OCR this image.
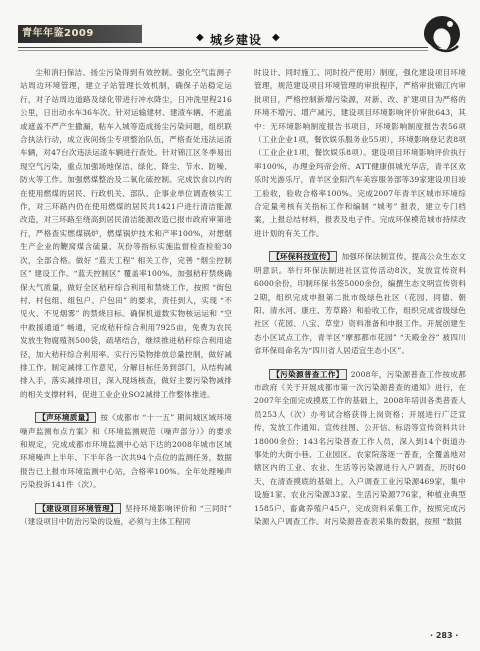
青年年鉴2009	◆ 城乡建设 ◆

尘和消扫保洁、扬尘污染得到有效控制。强化空气监测子站周边环境管理，建立子站管理长效机制，确保子站稳定运行，对子站周边道路及绿化带进行冲水降尘，日冲洗里程216公里，日出动水车36车次。针对运输建材、建渣车辆、不遮盖或遮盖不严产生撒漏，粘车入城等造成扬尘污染问题，组织联合执法行动，成立夜间扬尘专项整治队伍，严格查处违法运渣车辆，对47台次违法运渣车辆进行查处。针对锦江区冬季易出现空气污染，重点加强场地保洁、绿化、降尘、节水、防噪、防火等工作。加强燃煤整治及二氧化硫控制。完成饮食以内的在使用燃煤的居民、行政机关、部队、企事业单位调查核实工作，对三环路内仍在使用燃煤的居民共1421户进行清洁能源改造，对三环路至绕高到居民清洁能源改造已报市政府审第进行，严格查实燃煤锅炉，燃煤锅炉技术和产率100%，对想烟生产企业的鞭窝煤含硫量、灰份等指标实施监督检查检验30次，全部合格。做好 “蓝天工程” 相关工作，完善 “烟尘控制区” 建设工作。“蓝天控制区” 覆盖率100%。加强秸秆禁烧确保大气质量，做好全区秸秆综合利用和禁烧工作，按照 “街包村、村包组、组包户、户包田” 的要求，责任到人，实现 “不见火、不见烟雾” 的禁烧目标。确保机道数实物核运运和 “空中救援通道” 畅通，完成秸秆综合利用7925亩，免费为农民发放生物腐殖剂500袋，疏堵结合，继续推进秸秆综合利用途径，加大秸秆综合利用率。实行污染物排放总量控制，做好减排工作。制定减排工作意见，分解目标任务到部门，从结构减排入手，落实减排项目，深入现场核查，做好主要污染物减排的相关支撑材料，促进工业企业SO2减排工作整体推进。

【声环境质量】 按《成都市 “十一五” 期间城区域环境噪声监测布点方案》和《环境监测规范（噪声部分）》的要求和规定，完成成都市环境监测中心站下达的2008年城市区域环境噪声上半年、下半年各一次共94个点位的监测任务，数据报告已上报市环境监测中心站，合格率100%。全年处理噪声污染投诉141件（次）。

【建设项目环境管理】 坚持环境影响评价和 “三同时” （建设项目中防治污染的设施，必须与主体工程同

时设计、同时施工、同时投产使用）制度，强化建设项目环境管理，规范建设项目环境管理的审批程序，严格审批锦江内审批项目，严格控制新增污染源，对新、改、扩建项目为严格的环境不增污、增产减污，建设项目环境影响评价审批643，其中：无环境影响制度报告书项目，环境影响制度报告表56项（工业企业1项，餐饮娱乐服务业55项），环境影响登记表8项（工业企业1项，餐饮娱乐8项）。建设项目环境影响评价执行率100%，办理金玛帝会所、ATT健康俱城光华店，青羊区欢乐时光游乐厅，青羊区金阳汽车美容服务部等39家建设项目竣工验收，验收合格率100%。完成2007年青羊区城市环境综合定量考核有关指标工作和编制 “城考” 报表，建立专门档案，上报总结材料，报表及电子件。完成环保模范城市持续改进计划的有关工作。

【环保科技宣传】 加强环保法制宣传，提高公众生态文明意识。举行环保法制进社区宣传活动8次，发放宣传资料6000余份，印制环保书签5000余份，编撰生态文明宣传资料2期，组织完成申报第二批市级绿色社区（花园、同德、朝阳、清水河、康庄、芳草路）和验收工作，组织完成省级绿色社区（花园、八宝、草堂）资料准备和申报工作。开展创建生态小区试点工作，青羊区“摩那都市花园” “天殿金谷” 被四川省环保局命名为“四川省人居适宜生态小区”。

【污染源普查工作】 2008年，污染源普查工作按成都市政府《关于开展成都市第一次污染源普查的通知》进行，在2007年全面完成摸底工作的基础上，2008年培训各类普查人员253人（次）办考试合格获得上岗资格；开展进行广泛宣传，发放工作通知、宣传挂图、公开信、标语等宣传资料共计18000余份；143名污染普查工作人员，深入到14个街道办事处的大街小巷、工业园区、农家院落逐一普查，全覆盖地对辖区内的工业、农业、生活等污染源进行入户调查，历时60天，在清查摸底的基础上，入户调查工业污染源469家，集中设施1家、农业污染源33家、生活污染源776家，种植业典型1585户、畜禽养殖户45户，完成资料采集工作，按照完成污染源入户调查工作。对污染源普查表采集的数据，按照 “数据

· 283 ·
